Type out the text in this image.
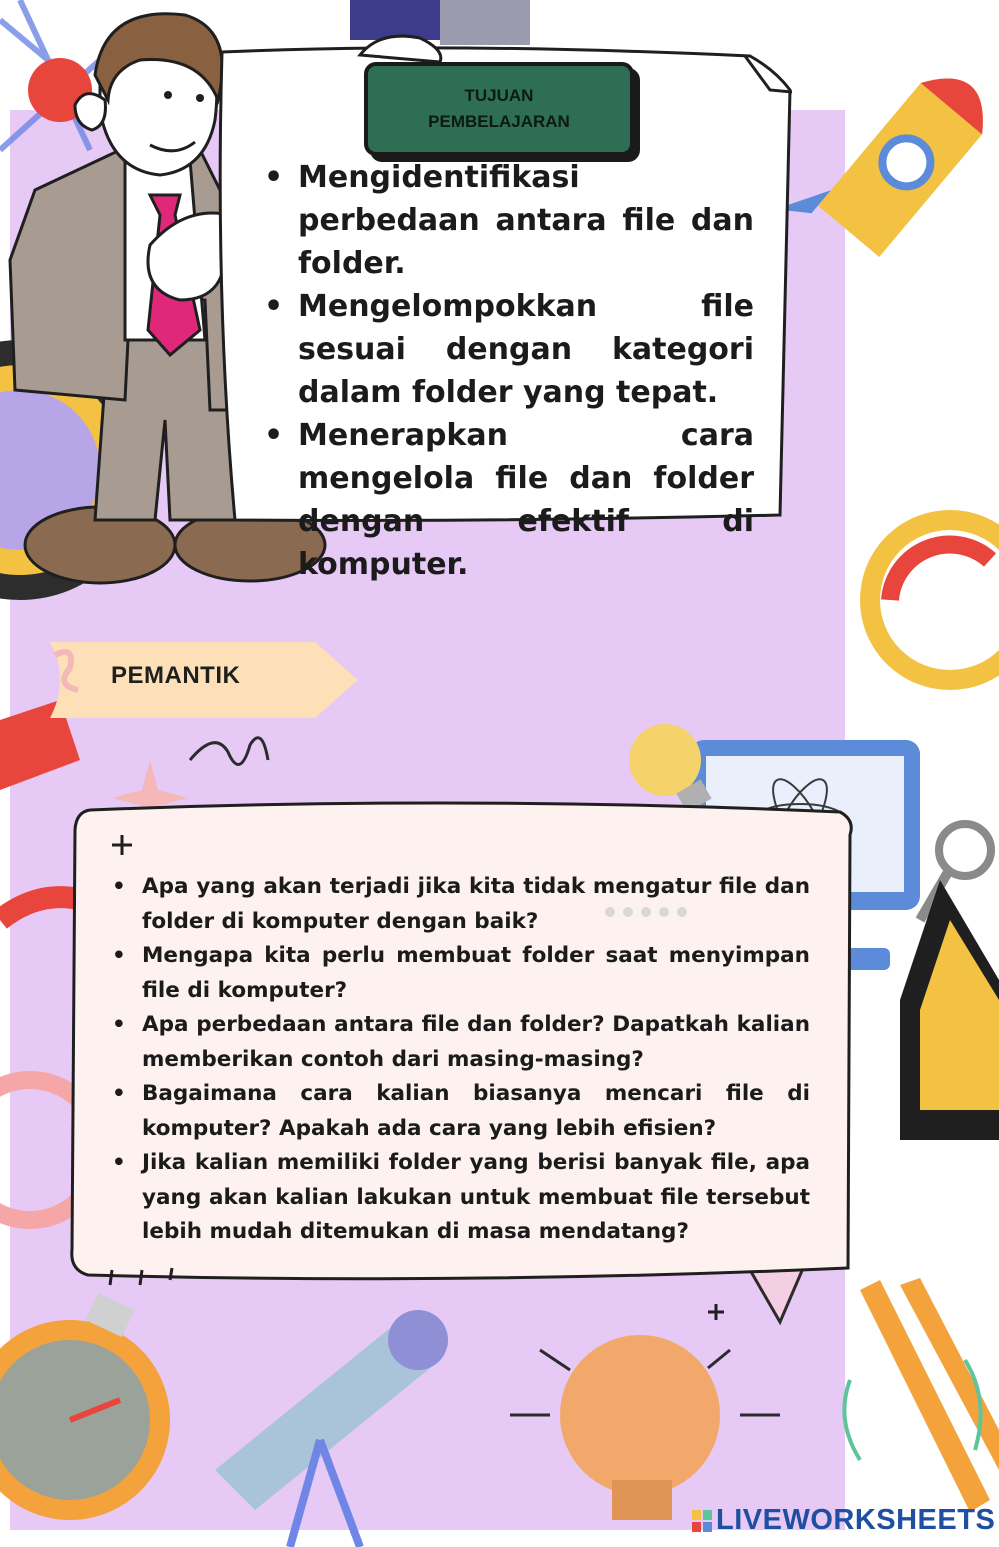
TUJUAN
PEMBELAJARAN
• Mengidentifikasi perbedaan antara file dan folder.
• Mengelompokkan file sesuai dengan kategori dalam folder yang tepat.
• Menerapkan cara mengelola file dan folder dengan efektif di komputer.
PEMANTIK
• Apa yang akan terjadi jika kita tidak mengatur file dan folder di komputer dengan baik?
• Mengapa kita perlu membuat folder saat menyimpan file di komputer?
• Apa perbedaan antara file dan folder? Dapatkah kalian memberikan contoh dari masing-masing?
• Bagaimana cara kalian biasanya mencari file di komputer? Apakah ada cara yang lebih efisien?
• Jika kalian memiliki folder yang berisi banyak file, apa yang akan kalian lakukan untuk membuat file tersebut lebih mudah ditemukan di masa mendatang?
LIVEWORKSHEETS
